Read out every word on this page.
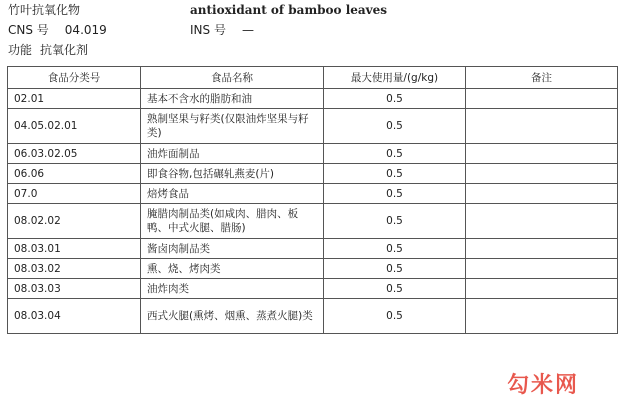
竹叶抗氧化物	antioxidant of bamboo leaves
CNS 号 04.019	INS 号 —
功能 抗氧化剂
食品分类号	食品名称	最大使用量/(g/kg)	备注
02.01	基本不含水的脂肪和油	0.5	
04.05.02.01	熟制坚果与籽类(仅限油炸坚果与籽类)	0.5	
06.03.02.05	油炸面制品	0.5	
06.06	即食谷物,包括碾轧燕麦(片)	0.5	
07.0	焙烤食品	0.5	
08.02.02	腌腊肉制品类(如咸肉、腊肉、板鸭、中式火腿、腊肠)	0.5	
08.03.01	酱卤肉制品类	0.5	
08.03.02	熏、烧、烤肉类	0.5	
08.03.03	油炸肉类	0.5	
08.03.04	西式火腿(熏烤、烟熏、蒸煮火腿)类	0.5	
勾米网
